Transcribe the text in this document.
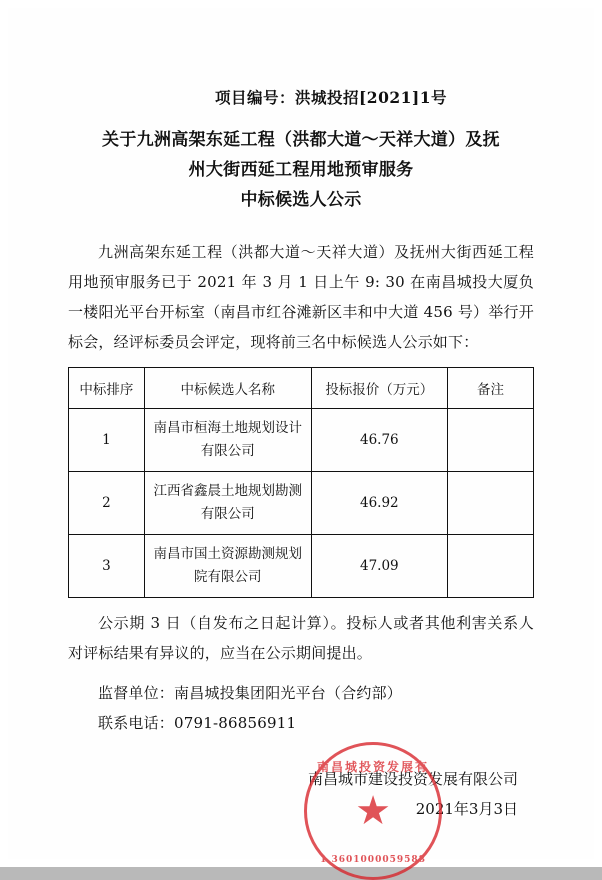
项目编号：洪城投招[2021]1号
关于九洲高架东延工程（洪都大道～天祥大道）及抚
州大街西延工程用地预审服务
中标候选人公示

九洲高架东延工程（洪都大道～天祥大道）及抚州大街西延工程用地预审服务已于 2021 年 3 月 1 日上午 9: 30 在南昌城投大厦负一楼阳光平台开标室（南昌市红谷滩新区丰和中大道 456 号）举行开标会，经评标委员会评定，现将前三名中标候选人公示如下：

中标排序	中标候选人名称	投标报价（万元）	备注
1	南昌市桓海土地规划设计有限公司	46.76	
2	江西省鑫晨土地规划勘测有限公司	46.92	
3	南昌市国土资源勘测规划院有限公司	47.09	

公示期 3 日（自发布之日起计算）。投标人或者其他利害关系人对评标结果有异议的，应当在公示期间提出。

监督单位：南昌城投集团阳光平台（合约部）

联系电话：0791-86856911

南昌城投资发展有
★
1 3601000059588
南昌城市建设投资发展有限公司
2021年3月3日
